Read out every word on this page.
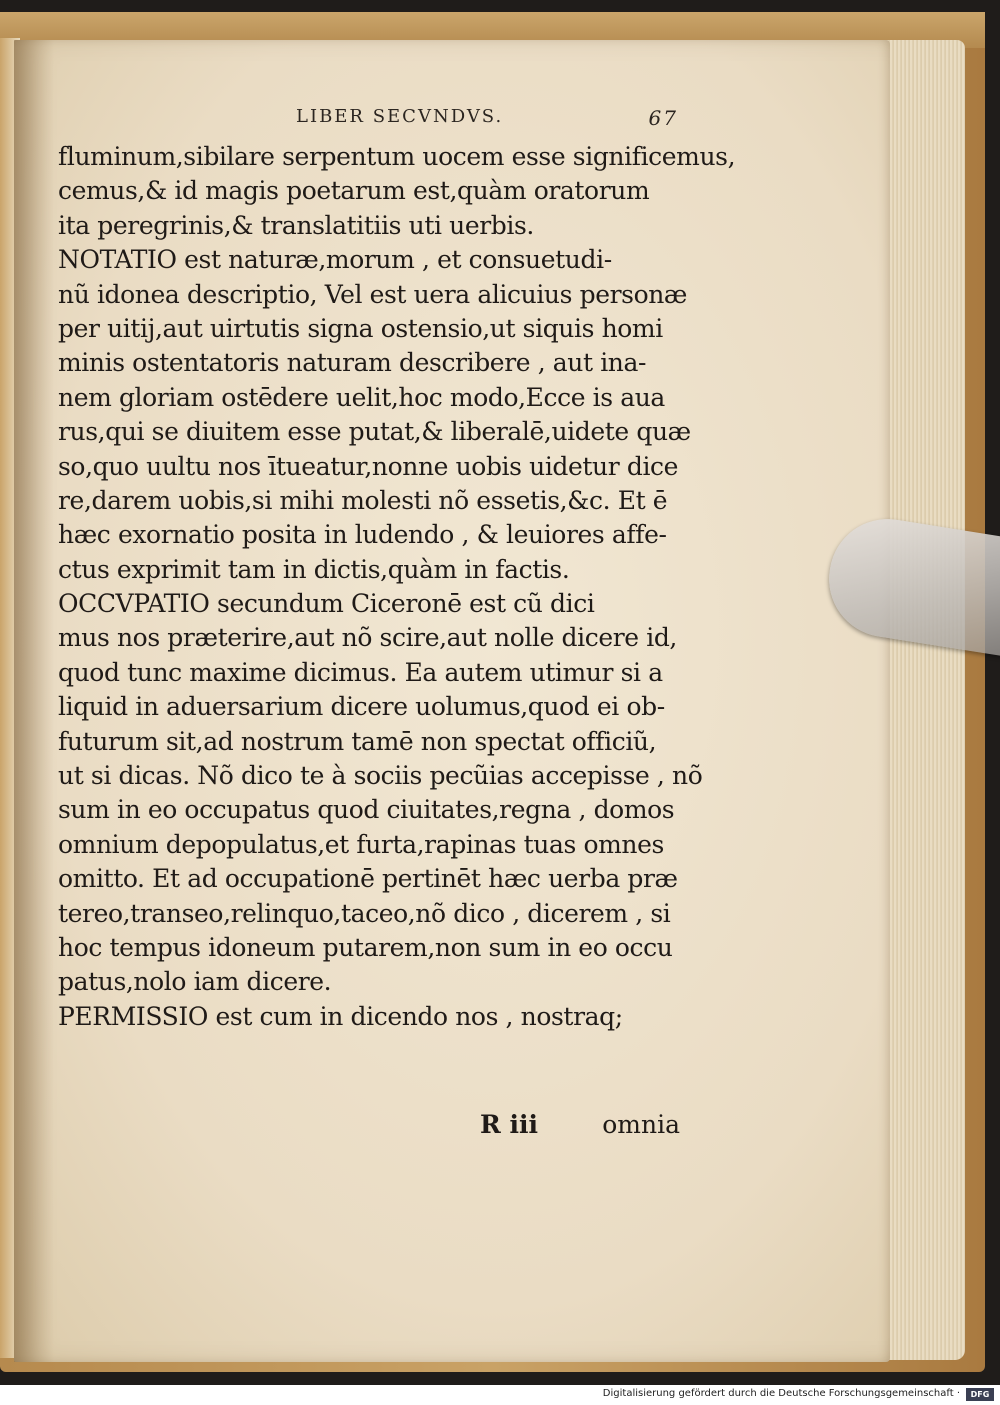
LIBER SECVNDVS.	67
fluminum,sibilare serpentum uocem esse significemus,
cemus,& id magis poetarum est,quàm oratorum
ita peregrinis,& translatitiis uti uerbis.
NOTATIO est naturæ,morum , et consuetudi-
nũ idonea descriptio, Vel est uera alicuius personæ
per uitij,aut uirtutis signa ostensio,ut siquis homi
minis ostentatoris naturam describere , aut ina-
nem gloriam ostēdere uelit,hoc modo,Ecce is aua
rus,qui se diuitem esse putat,& liberalē,uidete quæ
so,quo uultu nos ītueatur,nonne uobis uidetur dice
re,darem uobis,si mihi molesti nõ essetis,&c. Et ē
hæc exornatio posita in ludendo , & leuiores affe-
ctus exprimit tam in dictis,quàm in factis.
OCCVPATIO secundum Ciceronē est cũ dici
mus nos præterire,aut nõ scire,aut nolle dicere id,
quod tunc maxime dicimus. Ea autem utimur si a
liquid in aduersarium dicere uolumus,quod ei ob-
futurum sit,ad nostrum tamē non spectat officiũ,
ut si dicas. Nõ dico te à sociis pecũias accepisse , nõ
sum in eo occupatus quod ciuitates,regna , domos
omnium depopulatus,et furta,rapinas tuas omnes
omitto. Et ad occupationē pertinēt hæc uerba præ
tereo,transeo,relinquo,taceo,nõ dico , dicerem , si
hoc tempus idoneum putarem,non sum in eo occu
patus,nolo iam dicere.
PERMISSIO est cum in dicendo nos , nostraq;
R iii	omnia
Digitalisierung gefördert durch die Deutsche Forschungsgemeinschaft ·	DFG
